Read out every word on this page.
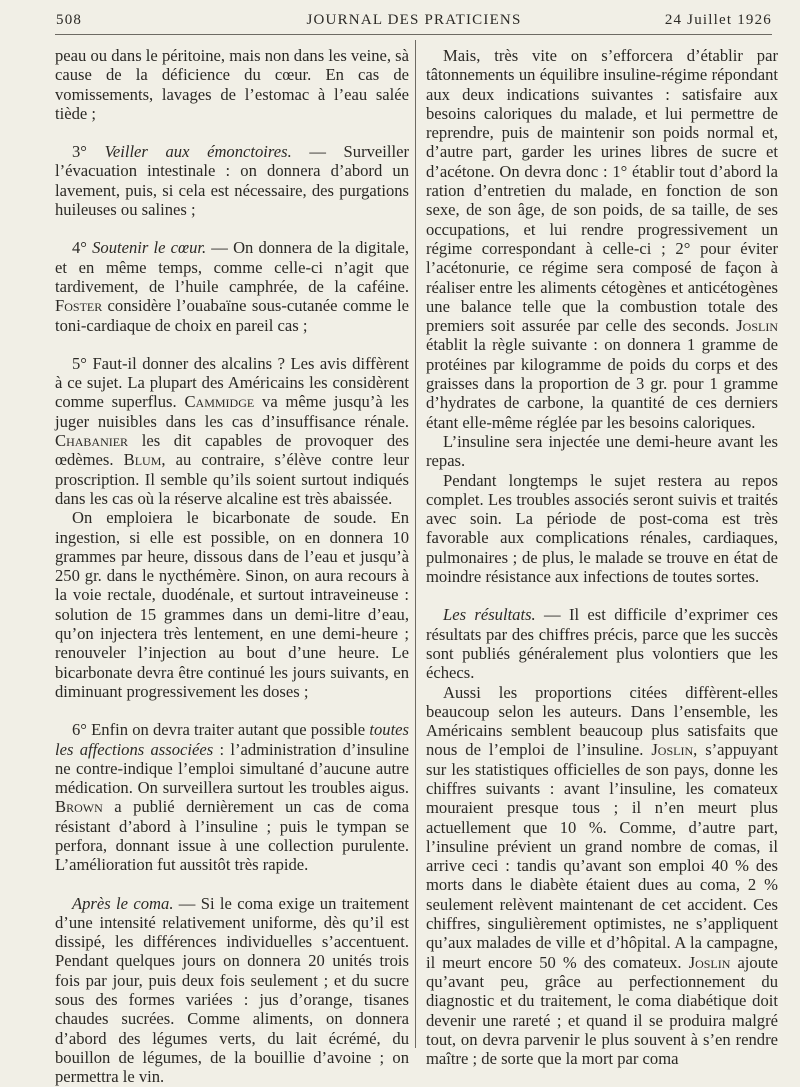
508	JOURNAL DES PRATICIENS	24 Juillet 1926

peau ou dans le péritoine, mais non dans les veine, sà cause de la déficience du cœur. En cas de vomissements, lavages de l’estomac à l’eau salée tiède ;

3° Veiller aux émonctoires. — Surveiller l’évacuation intestinale : on donnera d’abord un lavement, puis, si cela est nécessaire, des purgations huileuses ou salines ;

4° Soutenir le cœur. — On donnera de la digitale, et en même temps, comme celle-ci n’agit que tardivement, de l’huile camphrée, de la caféine. Foster considère l’ouabaïne sous-cutanée comme le toni-cardiaque de choix en pareil cas ;

5° Faut-il donner des alcalins ? Les avis diffèrent à ce sujet. La plupart des Américains les considèrent comme superflus. Cammidge va même jusqu’à les juger nuisibles dans les cas d’insuffisance rénale. Chabanier les dit capables de provoquer des œdèmes. Blum, au contraire, s’élève contre leur proscription. Il semble qu’ils soient surtout indiqués dans les cas où la réserve alcaline est très abaissée.

On emploiera le bicarbonate de soude. En ingestion, si elle est possible, on en donnera 10 grammes par heure, dissous dans de l’eau et jusqu’à 250 gr. dans le nycthémère. Sinon, on aura recours à la voie rectale, duodénale, et surtout intraveineuse : solution de 15 grammes dans un demi-litre d’eau, qu’on injectera très lentement, en une demi-heure ; renouveler l’injection au bout d’une heure. Le bicarbonate devra être continué les jours suivants, en diminuant progressivement les doses ;

6° Enfin on devra traiter autant que possible toutes les affections associées : l’administration d’insuline ne contre-indique l’emploi simultané d’aucune autre médication. On surveillera surtout les troubles aigus. Brown a publié dernièrement un cas de coma résistant d’abord à l’insuline ; puis le tympan se perfora, donnant issue à une collection purulente. L’amélioration fut aussitôt très rapide.

Après le coma. — Si le coma exige un traitement d’une intensité relativement uniforme, dès qu’il est dissipé, les différences individuelles s’accentuent. Pendant quelques jours on donnera 20 unités trois fois par jour, puis deux fois seulement ; et du sucre sous des formes variées : jus d’orange, tisanes chaudes sucrées. Comme aliments, on donnera d’abord des légumes verts, du lait écrémé, du bouillon de légumes, de la bouillie d’avoine ; on permettra le vin.

Mais, très vite on s’efforcera d’établir par tâtonnements un équilibre insuline-régime répondant aux deux indications suivantes : satisfaire aux besoins caloriques du malade, et lui permettre de reprendre, puis de maintenir son poids normal et, d’autre part, garder les urines libres de sucre et d’acétone. On devra donc : 1° établir tout d’abord la ration d’entretien du malade, en fonction de son sexe, de son âge, de son poids, de sa taille, de ses occupations, et lui rendre progressivement un régime correspondant à celle-ci ; 2° pour éviter l’acétonurie, ce régime sera composé de façon à réaliser entre les aliments cétogènes et anticétogènes une balance telle que la combustion totale des premiers soit assurée par celle des seconds. Joslin établit la règle suivante : on donnera 1 gramme de protéines par kilogramme de poids du corps et des graisses dans la proportion de 3 gr. pour 1 gramme d’hydrates de carbone, la quantité de ces derniers étant elle-même réglée par les besoins caloriques.

L’insuline sera injectée une demi-heure avant les repas.

Pendant longtemps le sujet restera au repos complet. Les troubles associés seront suivis et traités avec soin. La période de post-coma est très favorable aux complications rénales, cardiaques, pulmonaires ; de plus, le malade se trouve en état de moindre résistance aux infections de toutes sortes.

Les résultats. — Il est difficile d’exprimer ces résultats par des chiffres précis, parce que les succès sont publiés généralement plus volontiers que les échecs.

Aussi les proportions citées diffèrent-elles beaucoup selon les auteurs. Dans l’ensemble, les Américains semblent beaucoup plus satisfaits que nous de l’emploi de l’insuline. Joslin, s’appuyant sur les statistiques officielles de son pays, donne les chiffres suivants : avant l’insuline, les comateux mouraient presque tous ; il n’en meurt plus actuellement que 10 %. Comme, d’autre part, l’insuline prévient un grand nombre de comas, il arrive ceci : tandis qu’avant son emploi 40 % des morts dans le diabète étaient dues au coma, 2 % seulement relèvent maintenant de cet accident. Ces chiffres, singulièrement optimistes, ne s’appliquent qu’aux malades de ville et d’hôpital. A la campagne, il meurt encore 50 % des comateux. Joslin ajoute qu’avant peu, grâce au perfectionnement du diagnostic et du traitement, le coma diabétique doit devenir une rareté ; et quand il se produira malgré tout, on devra parvenir le plus souvent à s’en rendre maître ; de sorte que la mort par coma
